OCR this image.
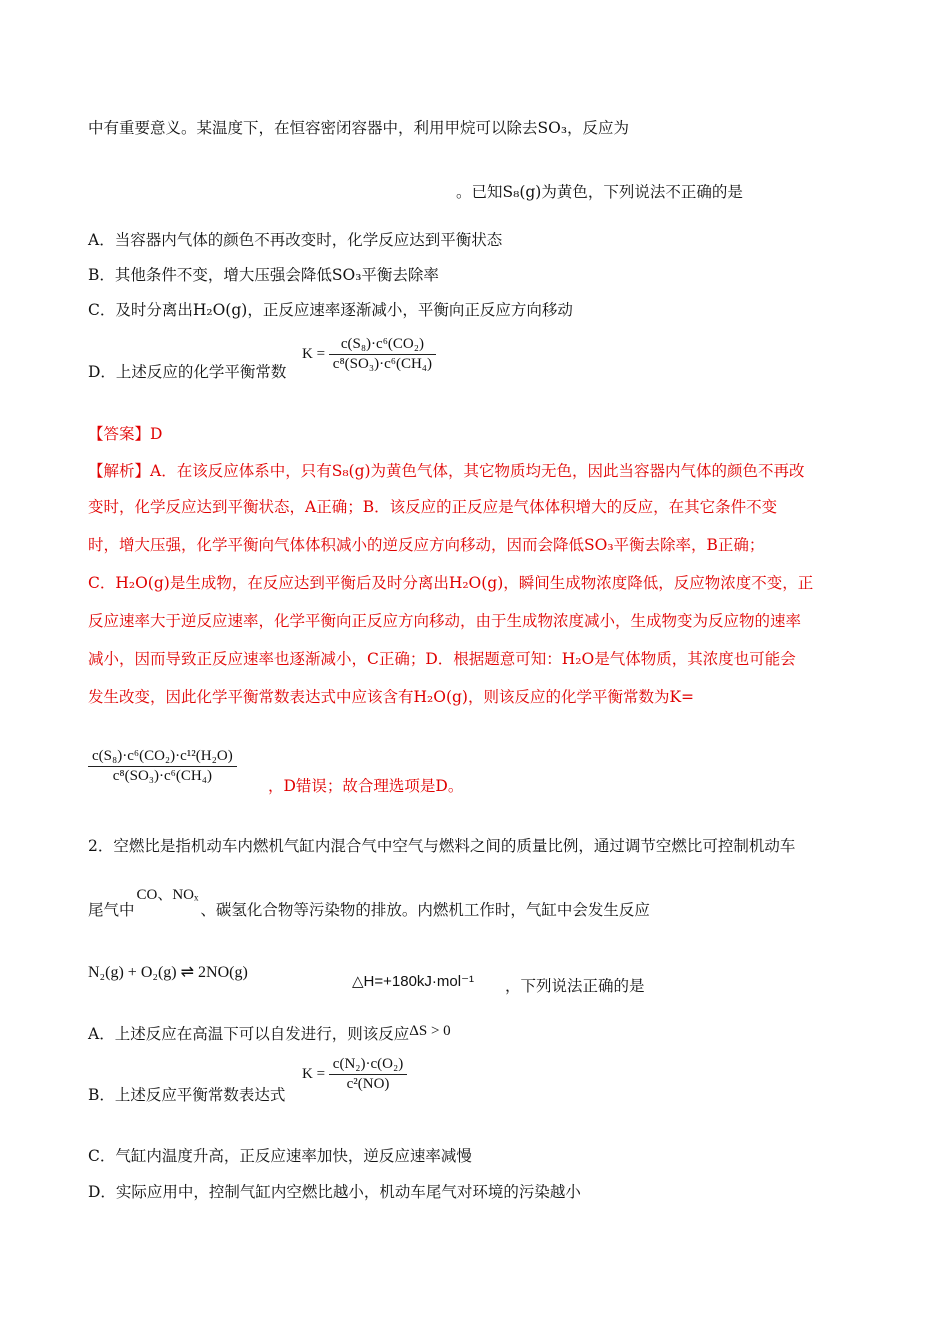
中有重要意义。某温度下，在恒容密闭容器中，利用甲烷可以除去SO₃，反应为
。已知S₈(g)为黄色，下列说法不正确的是
A．当容器内气体的颜色不再改变时，化学反应达到平衡状态
B．其他条件不变，增大压强会降低SO₃平衡去除率
C．及时分离出H₂O(g)，正反应速率逐渐减小，平衡向正反应方向移动
D．上述反应的化学平衡常数
$K = \frac{\text{c(S₈)·c⁶(CO₂)}}{\text{c⁸(SO₃)·c⁶(CH₄)}}$
【答案】D
【解析】A．在该反应体系中，只有S₈(g)为黄色气体，其它物质均无色，因此当容器内气体的颜色不再改
变时，化学反应达到平衡状态，A正确；B．该反应的正反应是气体体积增大的反应，在其它条件不变
时，增大压强，化学平衡向气体体积减小的逆反应方向移动，因而会降低SO₃平衡去除率，B正确；
C．H₂O(g)是生成物，在反应达到平衡后及时分离出H₂O(g)，瞬间生成物浓度降低，反应物浓度不变，正
反应速率大于逆反应速率，化学平衡向正反应方向移动，由于生成物浓度减小，生成物变为反应物的速率
减小，因而导致正反应速率也逐渐减小，C正确；D．根据题意可知：H₂O是气体物质，其浓度也可能会
发生改变，因此化学平衡常数表达式中应该含有H₂O(g)，则该反应的化学平衡常数为K=
$\frac{\text{c(S₈)·c⁶(CO₂)·c¹²(H₂O)}}{\text{c⁸(SO₃)·c⁶(CH₄)}}$
，D错误；故合理选项是D。
2．空燃比是指机动车内燃机气缸内混合气中空气与燃料之间的质量比例，通过调节空燃比可控制机动车
尾气中CO、NOₓ、碳氢化合物等污染物的排放。内燃机工作时，气缸中会发生反应
N₂(g) + O₂(g) ⇌ 2NO(g)
△H=+180kJ·mol⁻¹ ，下列说法正确的是
A．上述反应在高温下可以自发进行，则该反应ΔS > 0
B．上述反应平衡常数表达式
$K = \frac{\text{c(N₂)·c(O₂)}}{\text{c²(NO)}}$
C．气缸内温度升高，正反应速率加快，逆反应速率减慢
D．实际应用中，控制气缸内空燃比越小，机动车尾气对环境的污染越小
